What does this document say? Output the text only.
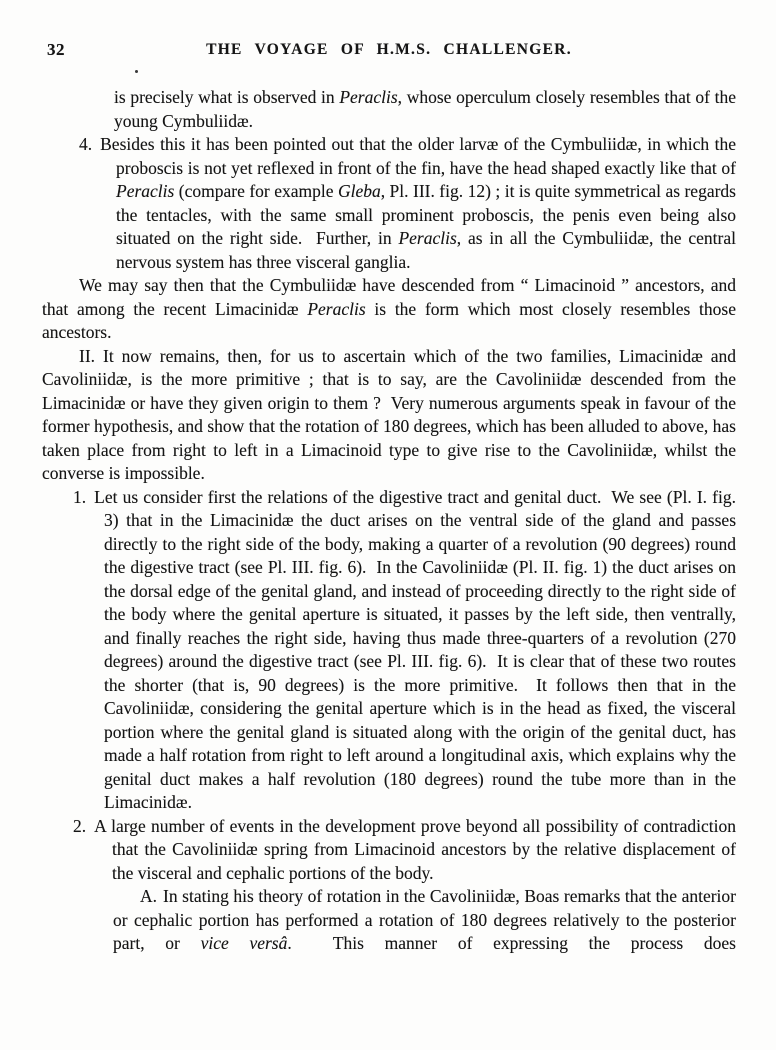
32	THE VOYAGE OF H.M.S. CHALLENGER.

is precisely what is observed in Peraclis, whose operculum closely resembles that of the young Cymbuliidæ.

4. Besides this it has been pointed out that the older larvæ of the Cymbuliidæ, in which the proboscis is not yet reflexed in front of the fin, have the head shaped exactly like that of Peraclis (compare for example Gleba, Pl. III. fig. 12) ; it is quite symmetrical as regards the tentacles, with the same small prominent proboscis, the penis even being also situated on the right side.  Further, in Peraclis, as in all the Cymbuliidæ, the central nervous system has three visceral ganglia.

We may say then that the Cymbuliidæ have descended from “ Limacinoid ” ancestors, and that among the recent Limacinidæ Peraclis is the form which most closely resembles those ancestors.

II. It now remains, then, for us to ascertain which of the two families, Limacinidæ and Cavoliniidæ, is the more primitive ; that is to say, are the Cavoliniidæ descended from the Limacinidæ or have they given origin to them ?  Very numerous arguments speak in favour of the former hypothesis, and show that the rotation of 180 degrees, which has been alluded to above, has taken place from right to left in a Limacinoid type to give rise to the Cavoliniidæ, whilst the converse is impossible.

1. Let us consider first the relations of the digestive tract and genital duct.  We see (Pl. I. fig. 3) that in the Limacinidæ the duct arises on the ventral side of the gland and passes directly to the right side of the body, making a quarter of a revolution (90 degrees) round the digestive tract (see Pl. III. fig. 6).  In the Cavoliniidæ (Pl. II. fig. 1) the duct arises on the dorsal edge of the genital gland, and instead of proceeding directly to the right side of the body where the genital aperture is situated, it passes by the left side, then ventrally, and finally reaches the right side, having thus made three-quarters of a revolution (270 degrees) around the digestive tract (see Pl. III. fig. 6).  It is clear that of these two routes the shorter (that is, 90 degrees) is the more primitive.  It follows then that in the Cavoliniidæ, considering the genital aperture which is in the head as fixed, the visceral portion where the genital gland is situated along with the origin of the genital duct, has made a half rotation from right to left around a longitudinal axis, which explains why the genital duct makes a half revolution (180 degrees) round the tube more than in the Limacinidæ.

2. A large number of events in the development prove beyond all possibility of contradiction that the Cavoliniidæ spring from Limacinoid ancestors by the relative displacement of the visceral and cephalic portions of the body.

A. In stating his theory of rotation in the Cavoliniidæ, Boas remarks that the anterior or cephalic portion has performed a rotation of 180 degrees relatively to the posterior part, or vice versâ.  This manner of expressing the process does
